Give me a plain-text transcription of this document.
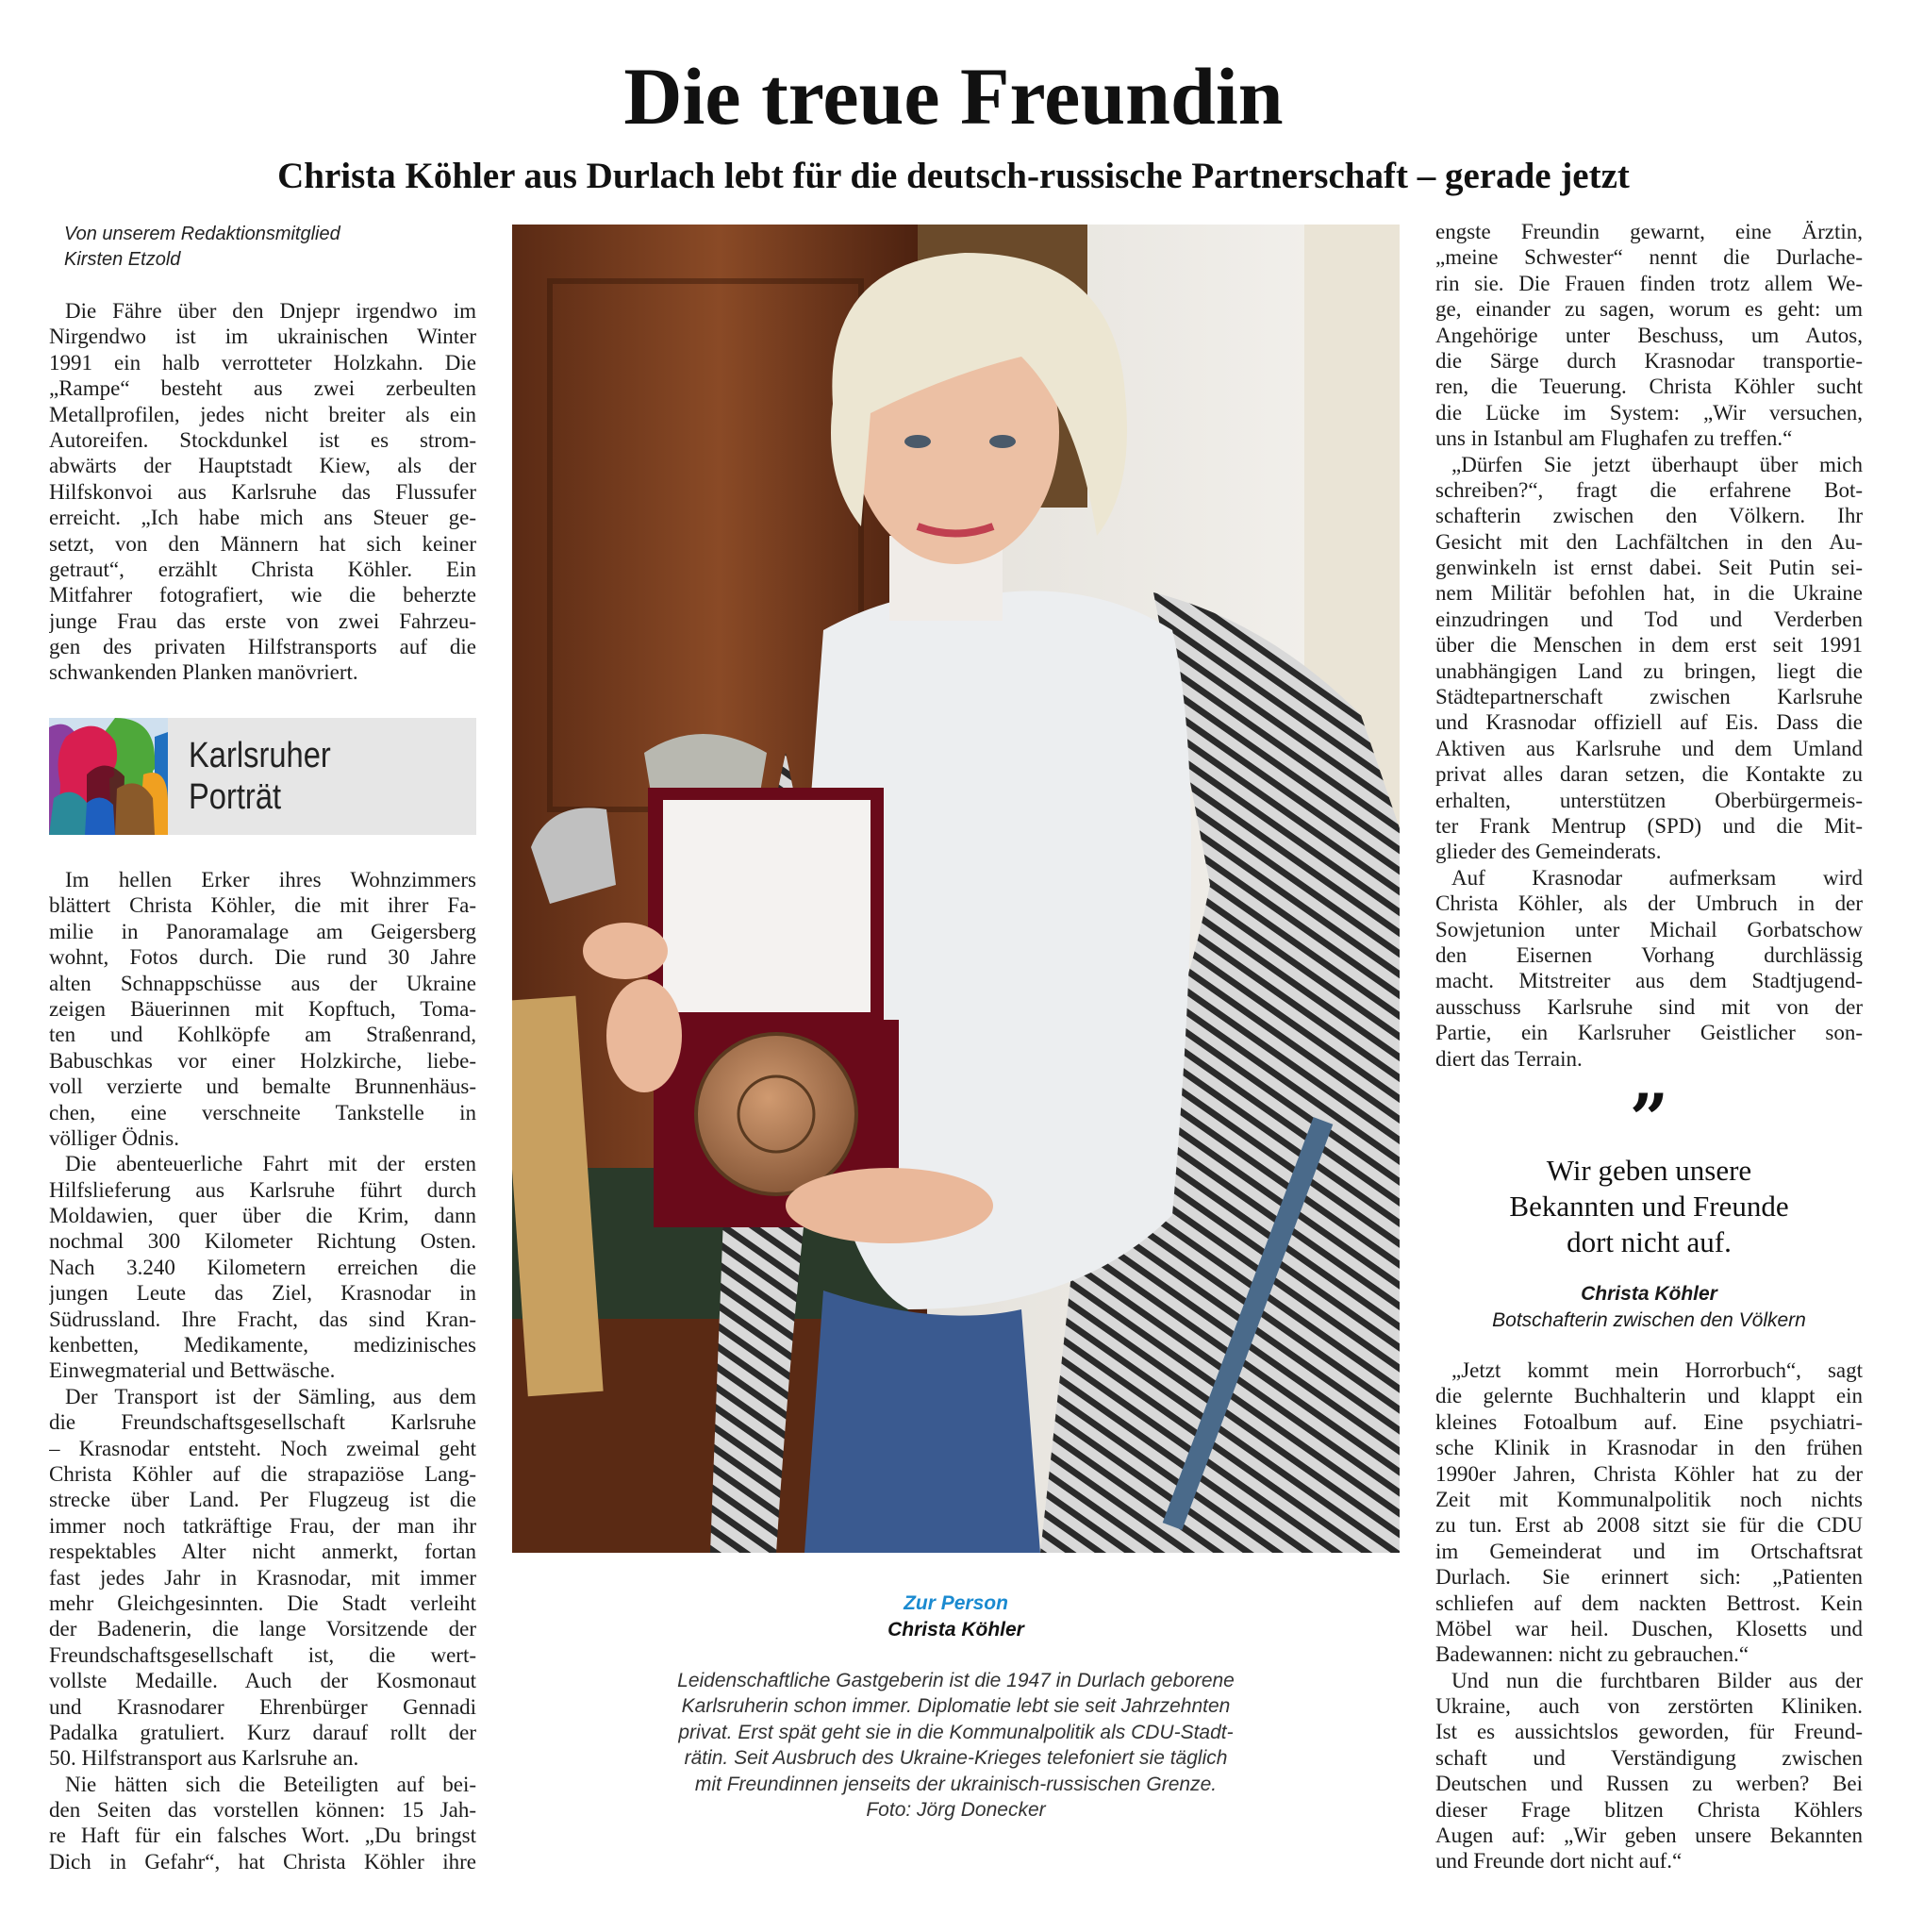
Die treue Freundin
Christa Köhler aus Durlach lebt für die deutsch-russische Partnerschaft – gerade jetzt
Von unserem Redaktionsmitglied
Kirsten Etzold
Die Fähre über den Dnjepr irgendwo im
Nirgendwo ist im ukrainischen Winter
1991 ein halb verrotteter Holzkahn. Die
„Rampe“ besteht aus zwei zerbeulten
Metallprofilen, jedes nicht breiter als ein
Autoreifen. Stockdunkel ist es strom-
abwärts der Hauptstadt Kiew, als der
Hilfskonvoi aus Karlsruhe das Flussufer
erreicht. „Ich habe mich ans Steuer ge-
setzt, von den Männern hat sich keiner
getraut“, erzählt Christa Köhler. Ein
Mitfahrer fotografiert, wie die beherzte
junge Frau das erste von zwei Fahrzeu-
gen des privaten Hilfstransports auf die
schwankenden Planken manövriert.
Karlsruher
Porträt
Im hellen Erker ihres Wohnzimmers
blättert Christa Köhler, die mit ihrer Fa-
milie in Panoramalage am Geigersberg
wohnt, Fotos durch. Die rund 30 Jahre
alten Schnappschüsse aus der Ukraine
zeigen Bäuerinnen mit Kopftuch, Toma-
ten und Kohlköpfe am Straßenrand,
Babuschkas vor einer Holzkirche, liebe-
voll verzierte und bemalte Brunnenhäus-
chen, eine verschneite Tankstelle in
völliger Ödnis.
Die abenteuerliche Fahrt mit der ersten
Hilfslieferung aus Karlsruhe führt durch
Moldawien, quer über die Krim, dann
nochmal 300 Kilometer Richtung Osten.
Nach 3.240 Kilometern erreichen die
jungen Leute das Ziel, Krasnodar in
Südrussland. Ihre Fracht, das sind Kran-
kenbetten, Medikamente, medizinisches
Einwegmaterial und Bettwäsche.
Der Transport ist der Sämling, aus dem
die Freundschaftsgesellschaft Karlsruhe
– Krasnodar entsteht. Noch zweimal geht
Christa Köhler auf die strapaziöse Lang-
strecke über Land. Per Flugzeug ist die
immer noch tatkräftige Frau, der man ihr
respektables Alter nicht anmerkt, fortan
fast jedes Jahr in Krasnodar, mit immer
mehr Gleichgesinnten. Die Stadt verleiht
der Badenerin, die lange Vorsitzende der
Freundschaftsgesellschaft ist, die wert-
vollste Medaille. Auch der Kosmonaut
und Krasnodarer Ehrenbürger Gennadi
Padalka gratuliert. Kurz darauf rollt der
50. Hilfstransport aus Karlsruhe an.
Nie hätten sich die Beteiligten auf bei-
den Seiten das vorstellen können: 15 Jah-
re Haft für ein falsches Wort. „Du bringst
Dich in Gefahr“, hat Christa Köhler ihre
engste Freundin gewarnt, eine Ärztin,
„meine Schwester“ nennt die Durlache-
rin sie. Die Frauen finden trotz allem We-
ge, einander zu sagen, worum es geht: um
Angehörige unter Beschuss, um Autos,
die Särge durch Krasnodar transportie-
ren, die Teuerung. Christa Köhler sucht
die Lücke im System: „Wir versuchen,
uns in Istanbul am Flughafen zu treffen.“
„Dürfen Sie jetzt überhaupt über mich
schreiben?“, fragt die erfahrene Bot-
schafterin zwischen den Völkern. Ihr
Gesicht mit den Lachfältchen in den Au-
genwinkeln ist ernst dabei. Seit Putin sei-
nem Militär befohlen hat, in die Ukraine
einzudringen und Tod und Verderben
über die Menschen in dem erst seit 1991
unabhängigen Land zu bringen, liegt die
Städtepartnerschaft zwischen Karlsruhe
und Krasnodar offiziell auf Eis. Dass die
Aktiven aus Karlsruhe und dem Umland
privat alles daran setzen, die Kontakte zu
erhalten, unterstützen Oberbürgermeis-
ter Frank Mentrup (SPD) und die Mit-
glieder des Gemeinderats.
Auf Krasnodar aufmerksam wird
Christa Köhler, als der Umbruch in der
Sowjetunion unter Michail Gorbatschow
den Eisernen Vorhang durchlässig
macht. Mitstreiter aus dem Stadtjugend-
ausschuss Karlsruhe sind mit von der
Partie, ein Karlsruher Geistlicher son-
diert das Terrain.
”
Wir geben unsere
Bekannten und Freunde
dort nicht auf.
Christa Köhler
Botschafterin zwischen den Völkern
„Jetzt kommt mein Horrorbuch“, sagt
die gelernte Buchhalterin und klappt ein
kleines Fotoalbum auf. Eine psychiatri-
sche Klinik in Krasnodar in den frühen
1990er Jahren, Christa Köhler hat zu der
Zeit mit Kommunalpolitik noch nichts
zu tun. Erst ab 2008 sitzt sie für die CDU
im Gemeinderat und im Ortschaftsrat
Durlach. Sie erinnert sich: „Patienten
schliefen auf dem nackten Bettrost. Kein
Möbel war heil. Duschen, Klosetts und
Badewannen: nicht zu gebrauchen.“
Und nun die furchtbaren Bilder aus der
Ukraine, auch von zerstörten Kliniken.
Ist es aussichtslos geworden, für Freund-
schaft und Verständigung zwischen
Deutschen und Russen zu werben? Bei
dieser Frage blitzen Christa Köhlers
Augen auf: „Wir geben unsere Bekannten
und Freunde dort nicht auf.“
Zur Person
Christa Köhler
Leidenschaftliche Gastgeberin ist die 1947 in Durlach geborene
Karlsruherin schon immer. Diplomatie lebt sie seit Jahrzehnten
privat. Erst spät geht sie in die Kommunalpolitik als CDU-Stadt-
rätin. Seit Ausbruch des Ukraine-Krieges telefoniert sie täglich
mit Freundinnen jenseits der ukrainisch-russischen Grenze.
Foto: Jörg Donecker
